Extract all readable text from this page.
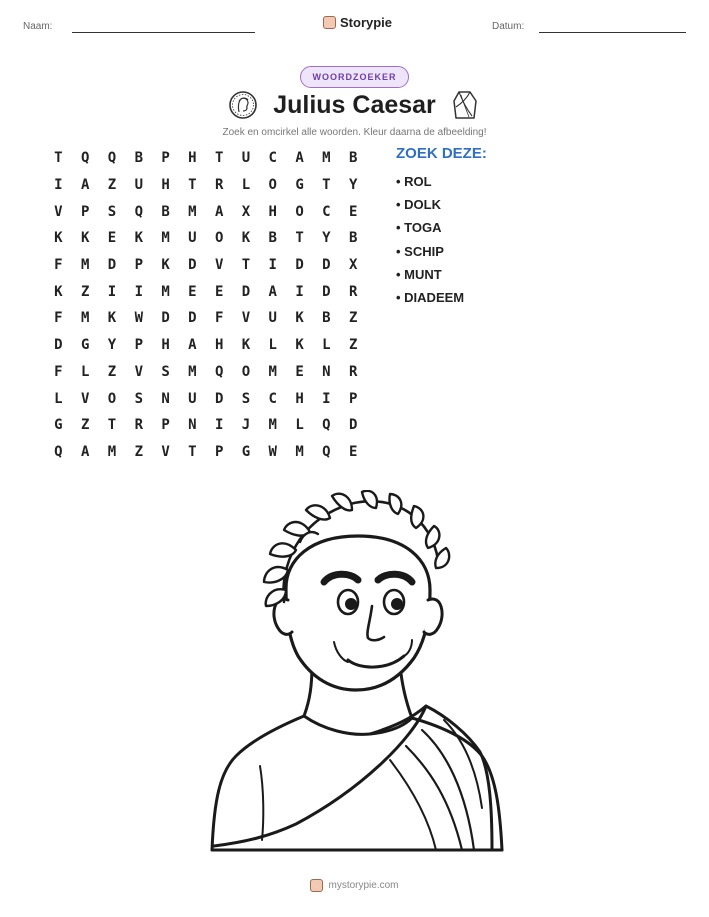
Naam:	Storypie	Datum:
WOORDZOEKER
Julius Caesar
Zoek en omcirkel alle woorden. Kleur daarna de afbeelding!
T	Q	Q	B	P	H	T	U	C	A	M	B
I	A	Z	U	H	T	R	L	O	G	T	Y
V	P	S	Q	B	M	A	X	H	O	C	E
K	K	E	K	M	U	O	K	B	T	Y	B
F	M	D	P	K	D	V	T	I	D	D	X
K	Z	I	I	M	E	E	D	A	I	D	R
F	M	K	W	D	D	F	V	U	K	B	Z
D	G	Y	P	H	A	H	K	L	K	L	Z
F	L	Z	V	S	M	Q	O	M	E	N	R
L	V	O	S	N	U	D	S	C	H	I	P
G	Z	T	R	P	N	I	J	M	L	Q	D
Q	A	M	Z	V	T	P	G	W	M	Q	E
ZOEK DEZE:
• ROL
• DOLK
• TOGA
• SCHIP
• MUNT
• DIADEEM
mystorypie.com
